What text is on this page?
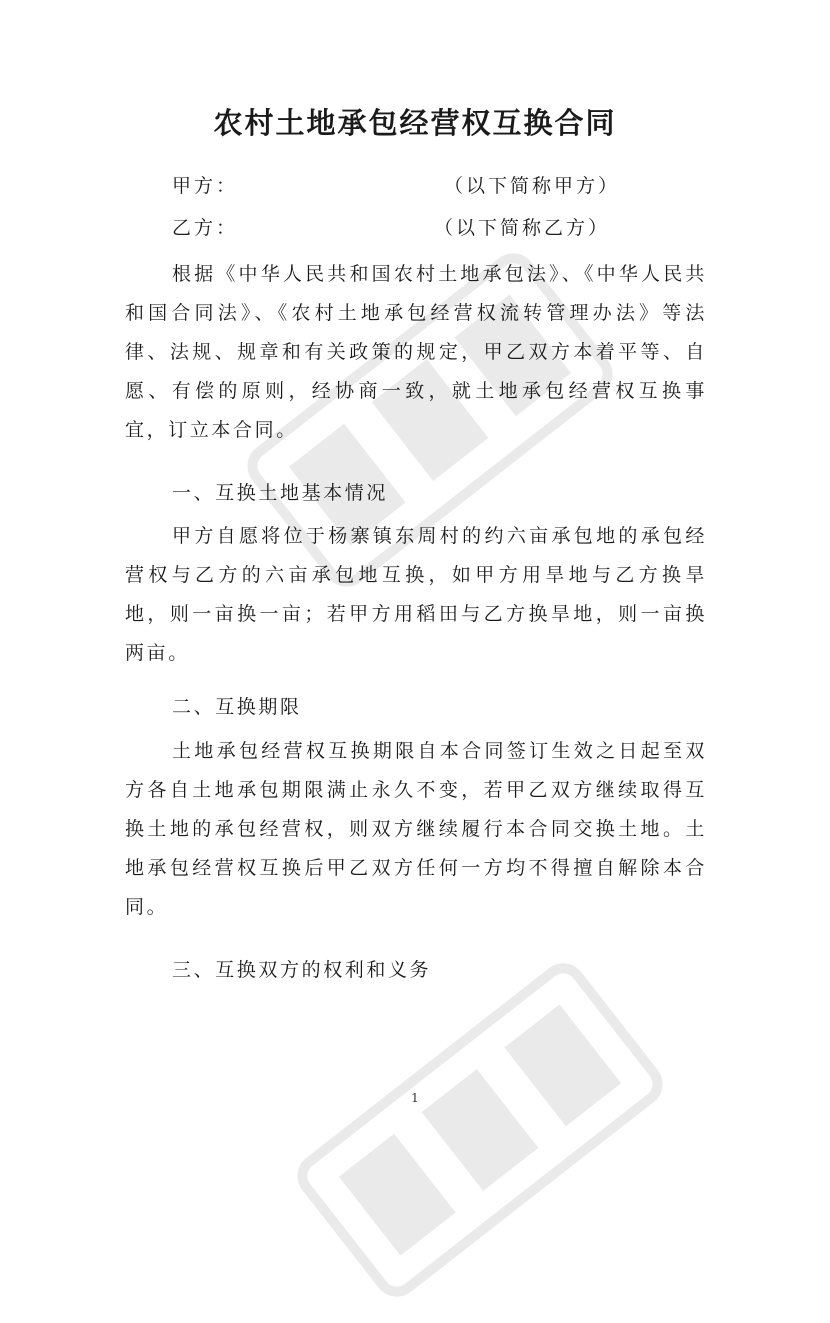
农村土地承包经营权互换合同
甲方：	（以下简称甲方）
乙方：	（以下简称乙方）

根据《中华人民共和国农村土地承包法》、《中华人民共和国合同法》、《农村土地承包经营权流转管理办法》等法律、法规、规章和有关政策的规定，甲乙双方本着平等、自愿、有偿的原则，经协商一致，就土地承包经营权互换事宜，订立本合同。

一、互换土地基本情况

甲方自愿将位于杨寨镇东周村的约六亩承包地的承包经营权与乙方的六亩承包地互换，如甲方用旱地与乙方换旱地，则一亩换一亩；若甲方用稻田与乙方换旱地，则一亩换两亩。

二、互换期限

土地承包经营权互换期限自本合同签订生效之日起至双方各自土地承包期限满止永久不变，若甲乙双方继续取得互换土地的承包经营权，则双方继续履行本合同交换土地。土地承包经营权互换后甲乙双方任何一方均不得擅自解除本合同。

三、互换双方的权利和义务

1
